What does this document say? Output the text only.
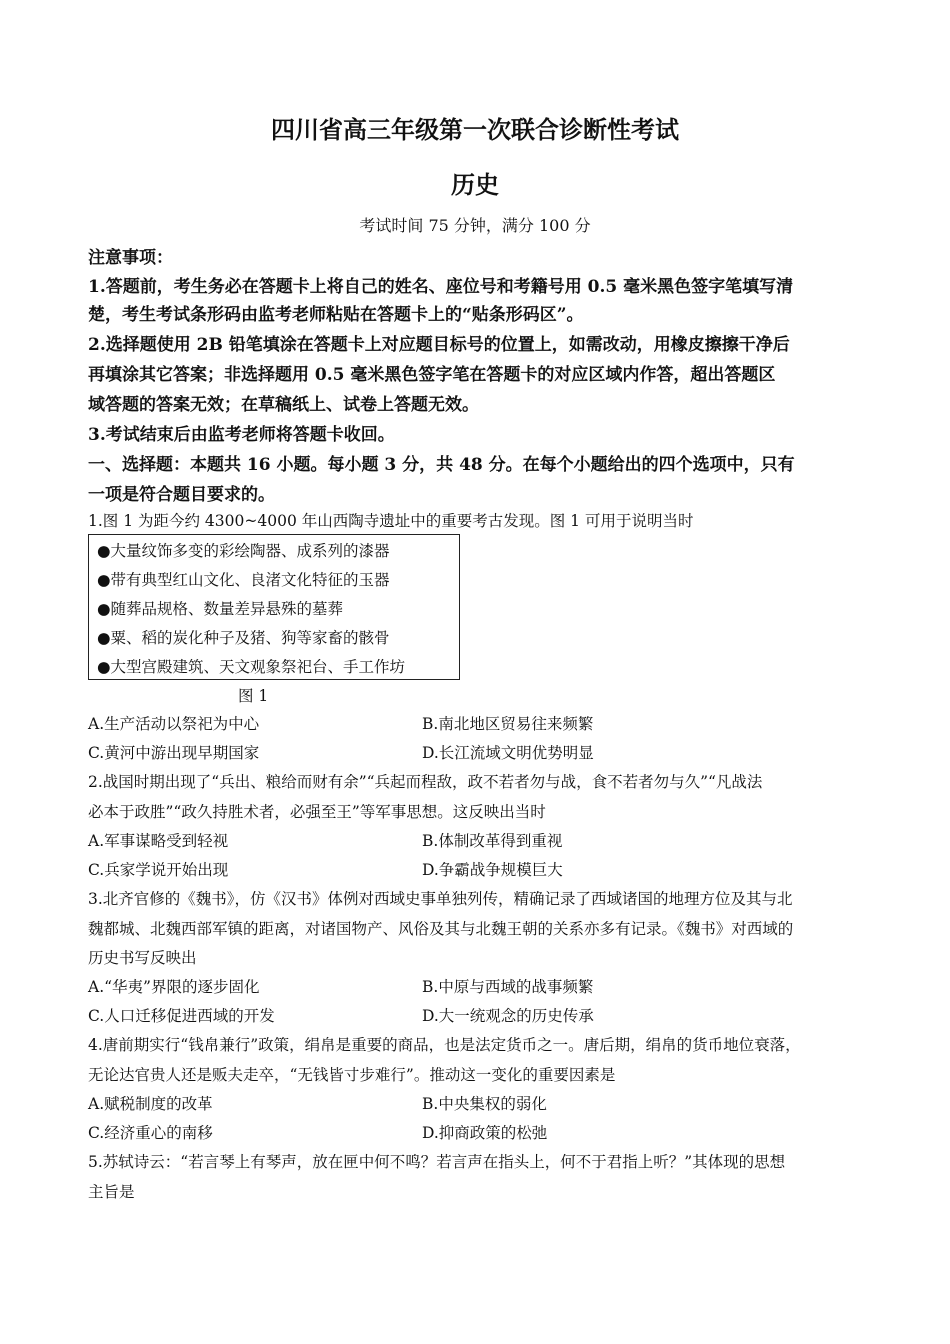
四川省高三年级第一次联合诊断性考试
历史
考试时间 75 分钟，满分 100 分
注意事项：
1.答题前，考生务必在答题卡上将自己的姓名、座位号和考籍号用 0.5 毫米黑色签字笔填写清
楚，考生考试条形码由监考老师粘贴在答题卡上的“贴条形码区”。
2.选择题使用 2B 铅笔填涂在答题卡上对应题目标号的位置上，如需改动，用橡皮擦擦干净后
再填涂其它答案；非选择题用 0.5 毫米黑色签字笔在答题卡的对应区域内作答，超出答题区
域答题的答案无效；在草稿纸上、试卷上答题无效。
3.考试结束后由监考老师将答题卡收回。
一、选择题：本题共 16 小题。每小题 3 分，共 48 分。在每个小题给出的四个选项中，只有
一项是符合题目要求的。
1.图 1 为距今约 4300~4000 年山西陶寺遗址中的重要考古发现。图 1 可用于说明当时
●大量纹饰多变的彩绘陶器、成系列的漆器
●带有典型红山文化、良渚文化特征的玉器
●随葬品规格、数量差异悬殊的墓葬
●粟、稻的炭化种子及猪、狗等家畜的骸骨
●大型宫殿建筑、天文观象祭祀台、手工作坊
图 1
A.生产活动以祭祀为中心	B.南北地区贸易往来频繁
C.黄河中游出现早期国家	D.长江流域文明优势明显
2.战国时期出现了“兵出、粮给而财有余”“兵起而程敌，政不若者勿与战，食不若者勿与久”“凡战法
必本于政胜”“政久持胜术者，必强至王”等军事思想。这反映出当时
A.军事谋略受到轻视	B.体制改革得到重视
C.兵家学说开始出现	D.争霸战争规模巨大
3.北齐官修的《魏书》，仿《汉书》体例对西域史事单独列传，精确记录了西域诸国的地理方位及其与北
魏都城、北魏西部军镇的距离，对诸国物产、风俗及其与北魏王朝的关系亦多有记录。《魏书》对西域的
历史书写反映出
A.“华夷”界限的逐步固化	B.中原与西域的战事频繁
C.人口迁移促进西域的开发	D.大一统观念的历史传承
4.唐前期实行“钱帛兼行”政策，绢帛是重要的商品，也是法定货币之一。唐后期，绢帛的货币地位衰落，
无论达官贵人还是贩夫走卒，“无钱皆寸步难行”。推动这一变化的重要因素是
A.赋税制度的改革	B.中央集权的弱化
C.经济重心的南移	D.抑商政策的松弛
5.苏轼诗云：“若言琴上有琴声，放在匣中何不鸣？若言声在指头上，何不于君指上听？”其体现的思想
主旨是
